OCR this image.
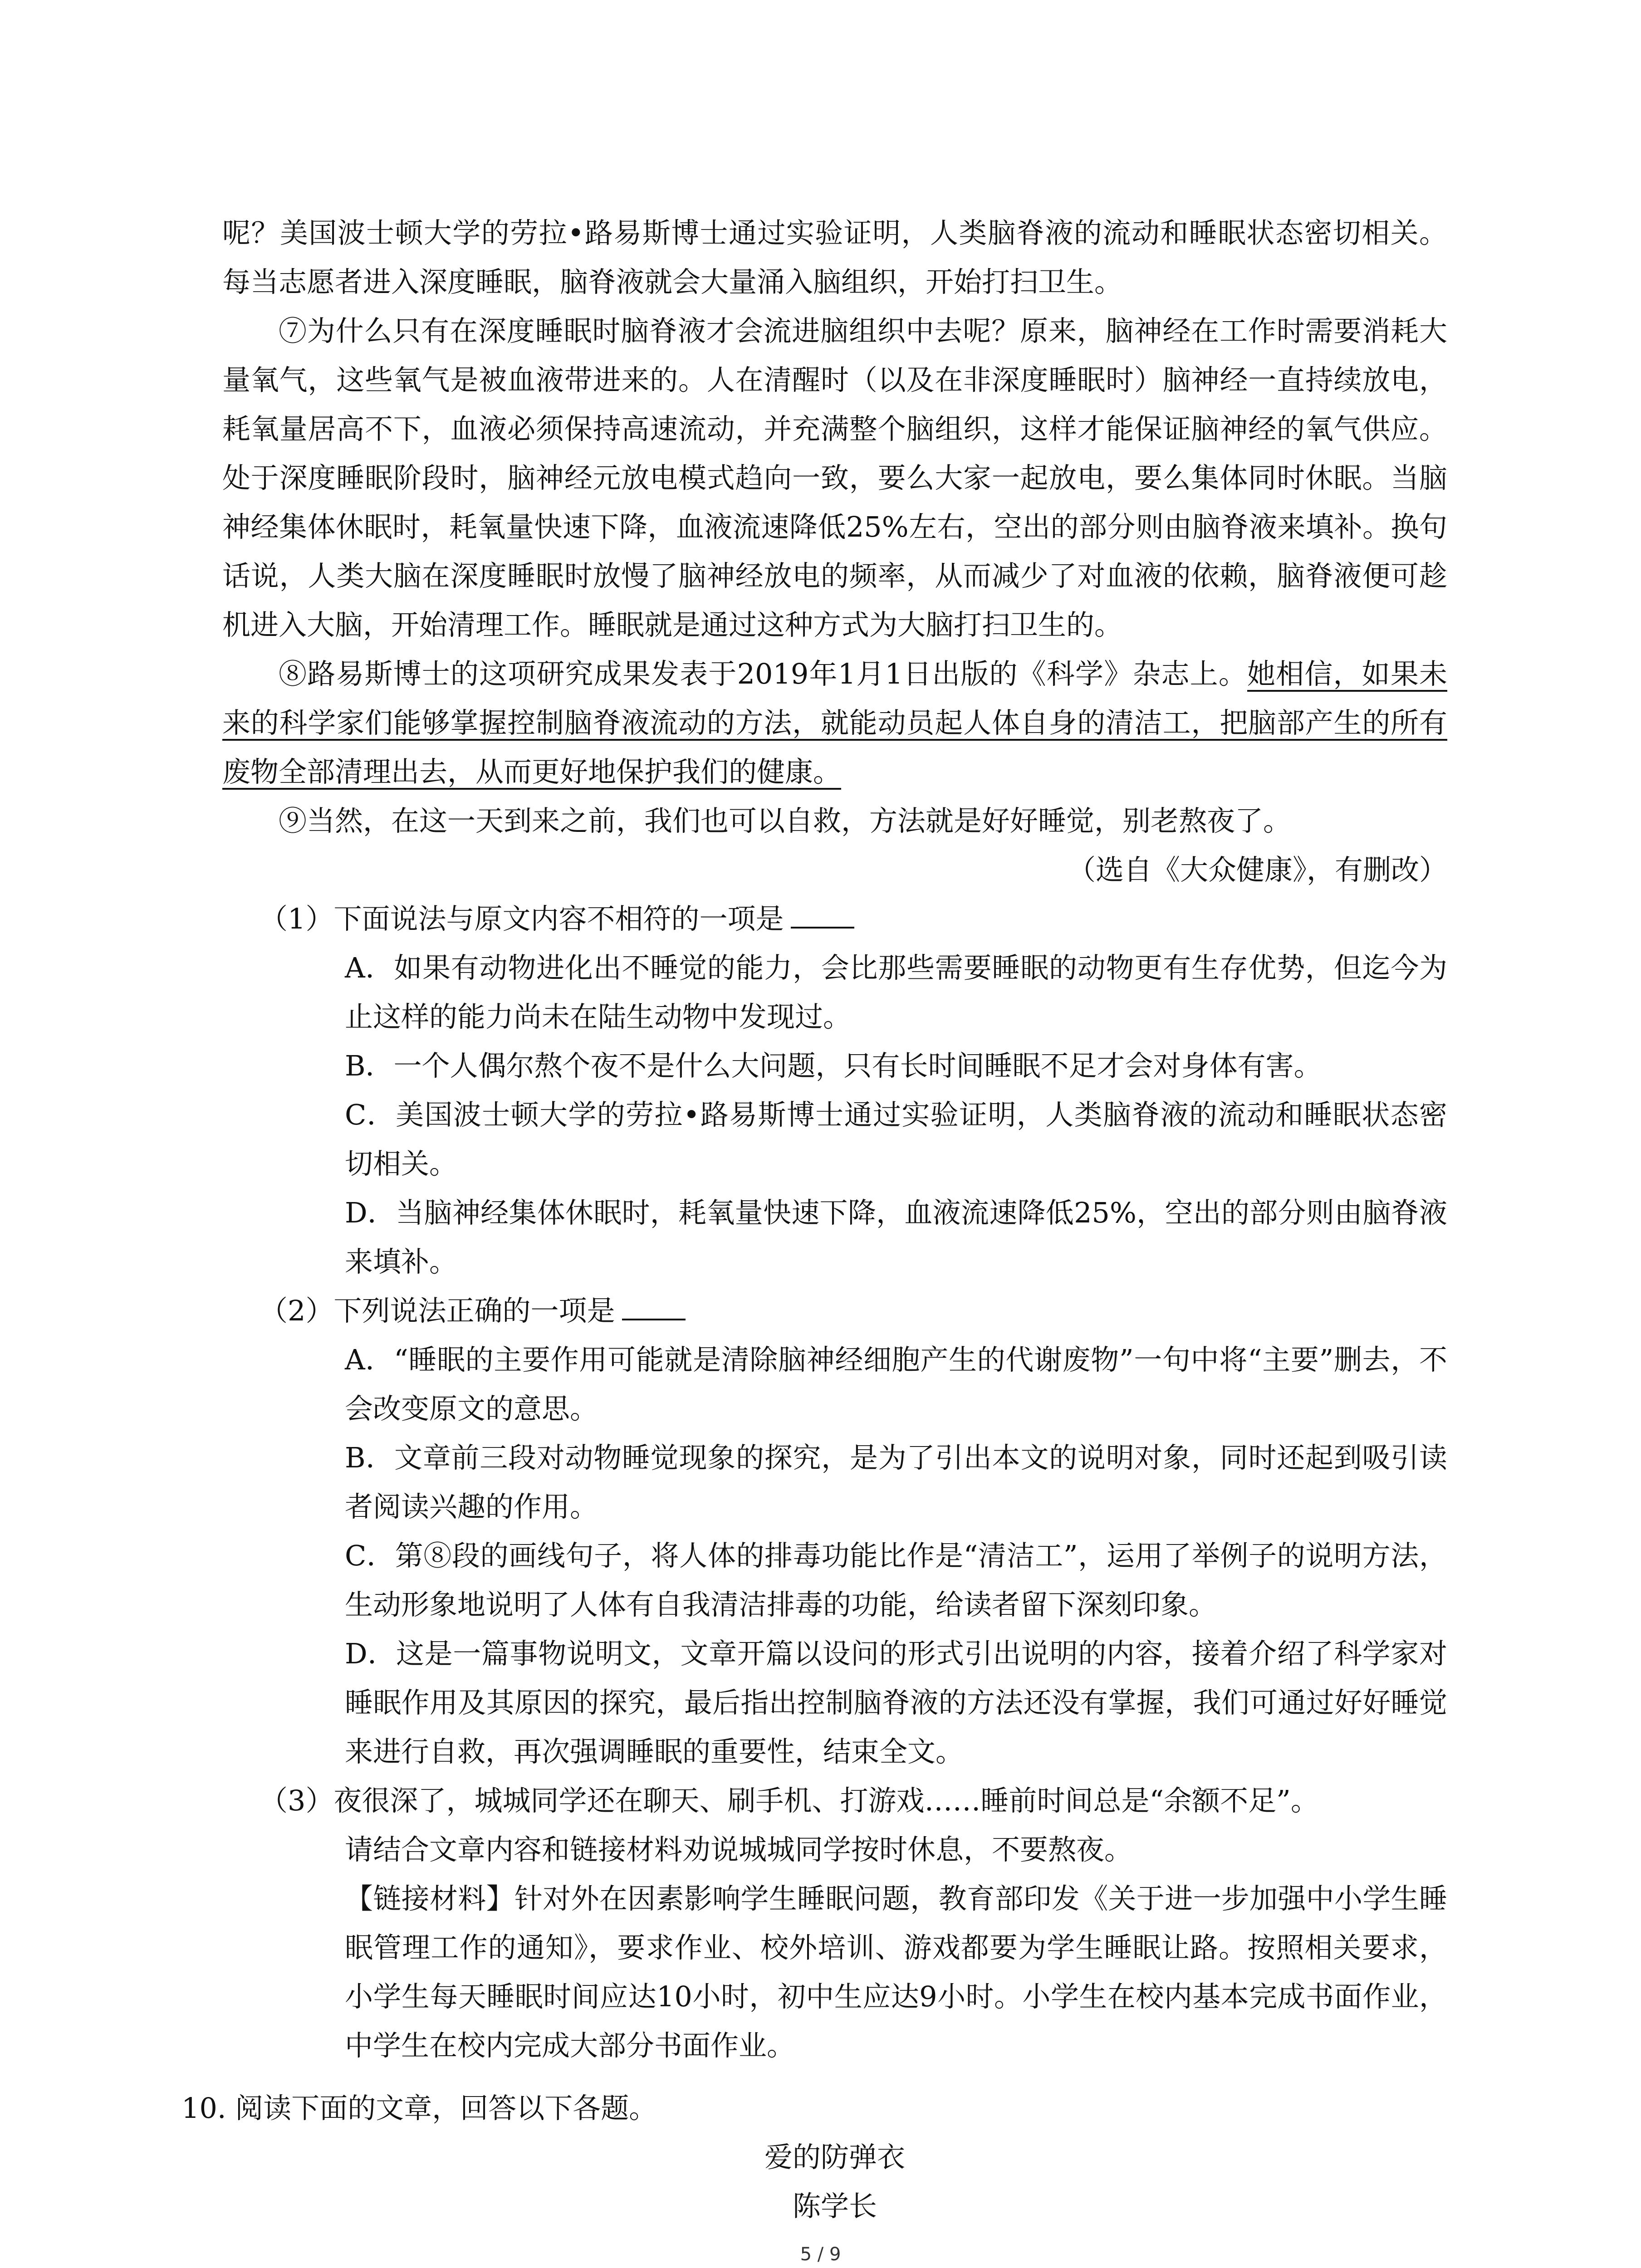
呢？美国波士顿大学的劳拉•路易斯博士通过实验证明，人类脑脊液的流动和睡眠状态密切相关。每当志愿者进入深度睡眠，脑脊液就会大量涌入脑组织，开始打扫卫生。

⑦为什么只有在深度睡眠时脑脊液才会流进脑组织中去呢？原来，脑神经在工作时需要消耗大量氧气，这些氧气是被血液带进来的。人在清醒时（以及在非深度睡眠时）脑神经一直持续放电，耗氧量居高不下，血液必须保持高速流动，并充满整个脑组织，这样才能保证脑神经的氧气供应。处于深度睡眠阶段时，脑神经元放电模式趋向一致，要么大家一起放电，要么集体同时休眠。当脑神经集体休眠时，耗氧量快速下降，血液流速降低25%左右，空出的部分则由脑脊液来填补。换句话说，人类大脑在深度睡眠时放慢了脑神经放电的频率，从而减少了对血液的依赖，脑脊液便可趁机进入大脑，开始清理工作。睡眠就是通过这种方式为大脑打扫卫生的。

⑧路易斯博士的这项研究成果发表于2019年1月1日出版的《科学》杂志上。她相信，如果未来的科学家们能够掌握控制脑脊液流动的方法，就能动员起人体自身的清洁工，把脑部产生的所有废物全部清理出去，从而更好地保护我们的健康。

⑨当然，在这一天到来之前，我们也可以自救，方法就是好好睡觉，别老熬夜了。

（选自《大众健康》，有删改）

（1）下面说法与原文内容不相符的一项是

A．如果有动物进化出不睡觉的能力，会比那些需要睡眠的动物更有生存优势，但迄今为止这样的能力尚未在陆生动物中发现过。

B．一个人偶尔熬个夜不是什么大问题，只有长时间睡眠不足才会对身体有害。

C．美国波士顿大学的劳拉•路易斯博士通过实验证明，人类脑脊液的流动和睡眠状态密切相关。

D．当脑神经集体休眠时，耗氧量快速下降，血液流速降低25%，空出的部分则由脑脊液来填补。

（2）下列说法正确的一项是

A．“睡眠的主要作用可能就是清除脑神经细胞产生的代谢废物”一句中将“主要”删去，不会改变原文的意思。

B．文章前三段对动物睡觉现象的探究，是为了引出本文的说明对象，同时还起到吸引读者阅读兴趣的作用。

C．第⑧段的画线句子，将人体的排毒功能比作是“清洁工”，运用了举例子的说明方法，生动形象地说明了人体有自我清洁排毒的功能，给读者留下深刻印象。

D．这是一篇事物说明文，文章开篇以设问的形式引出说明的内容，接着介绍了科学家对睡眠作用及其原因的探究，最后指出控制脑脊液的方法还没有掌握，我们可通过好好睡觉来进行自救，再次强调睡眠的重要性，结束全文。

（3）夜很深了，城城同学还在聊天、刷手机、打游戏……睡前时间总是“余额不足”。

请结合文章内容和链接材料劝说城城同学按时休息，不要熬夜。

【链接材料】针对外在因素影响学生睡眠问题，教育部印发《关于进一步加强中小学生睡眠管理工作的通知》，要求作业、校外培训、游戏都要为学生睡眠让路。按照相关要求，小学生每天睡眠时间应达10小时，初中生应达9小时。小学生在校内基本完成书面作业，中学生在校内完成大部分书面作业。

10. 阅读下面的文章，回答以下各题。

爱的防弹衣

陈学长

5 / 9
